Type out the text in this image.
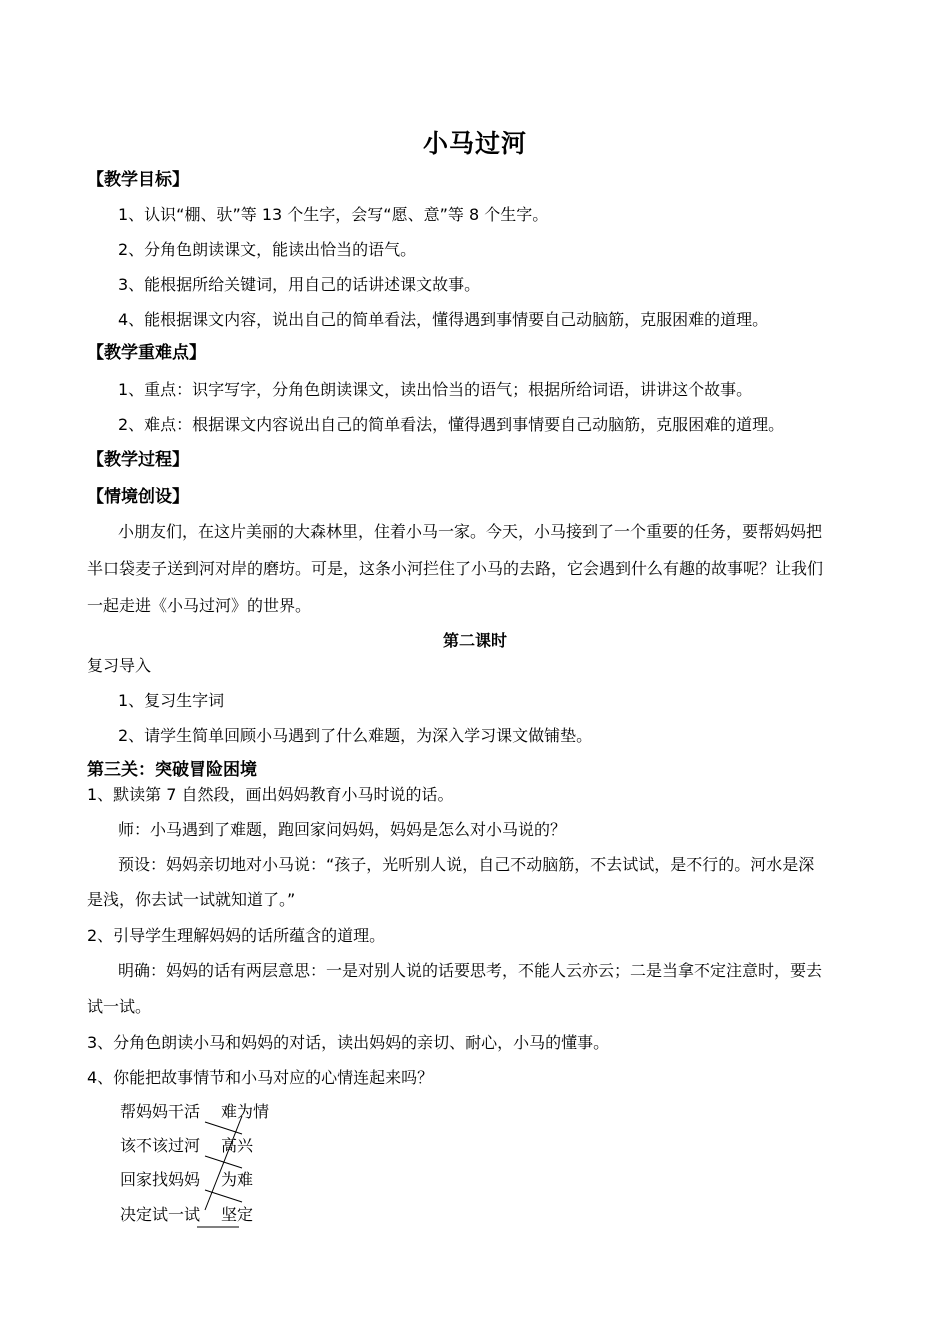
小马过河
【教学目标】
1、认识“棚、驮”等 13 个生字，会写“愿、意”等 8 个生字。
2、分角色朗读课文，能读出恰当的语气。
3、能根据所给关键词，用自己的话讲述课文故事。
4、能根据课文内容，说出自己的简单看法，懂得遇到事情要自己动脑筋，克服困难的道理。
【教学重难点】
1、重点：识字写字，分角色朗读课文，读出恰当的语气；根据所给词语，讲讲这个故事。
2、难点：根据课文内容说出自己的简单看法，懂得遇到事情要自己动脑筋，克服困难的道理。
【教学过程】
【情境创设】
小朋友们，在这片美丽的大森林里，住着小马一家。今天，小马接到了一个重要的任务，要帮妈妈把
半口袋麦子送到河对岸的磨坊。可是，这条小河拦住了小马的去路，它会遇到什么有趣的故事呢？让我们
一起走进《小马过河》的世界。
第二课时
复习导入
1、复习生字词
2、请学生简单回顾小马遇到了什么难题，为深入学习课文做铺垫。
第三关：突破冒险困境
1、默读第 7 自然段，画出妈妈教育小马时说的话。
师：小马遇到了难题，跑回家问妈妈，妈妈是怎么对小马说的？
预设：妈妈亲切地对小马说：“孩子，光听别人说，自己不动脑筋，不去试试，是不行的。河水是深
是浅，你去试一试就知道了。”
2、引导学生理解妈妈的话所蕴含的道理。
明确：妈妈的话有两层意思：一是对别人说的话要思考，不能人云亦云；二是当拿不定注意时，要去
试一试。
3、分角色朗读小马和妈妈的对话，读出妈妈的亲切、耐心，小马的懂事。
4、你能把故事情节和小马对应的心情连起来吗？
帮妈妈干活
该不该过河
回家找妈妈
决定试一试
难为情
高兴
为难
坚定
